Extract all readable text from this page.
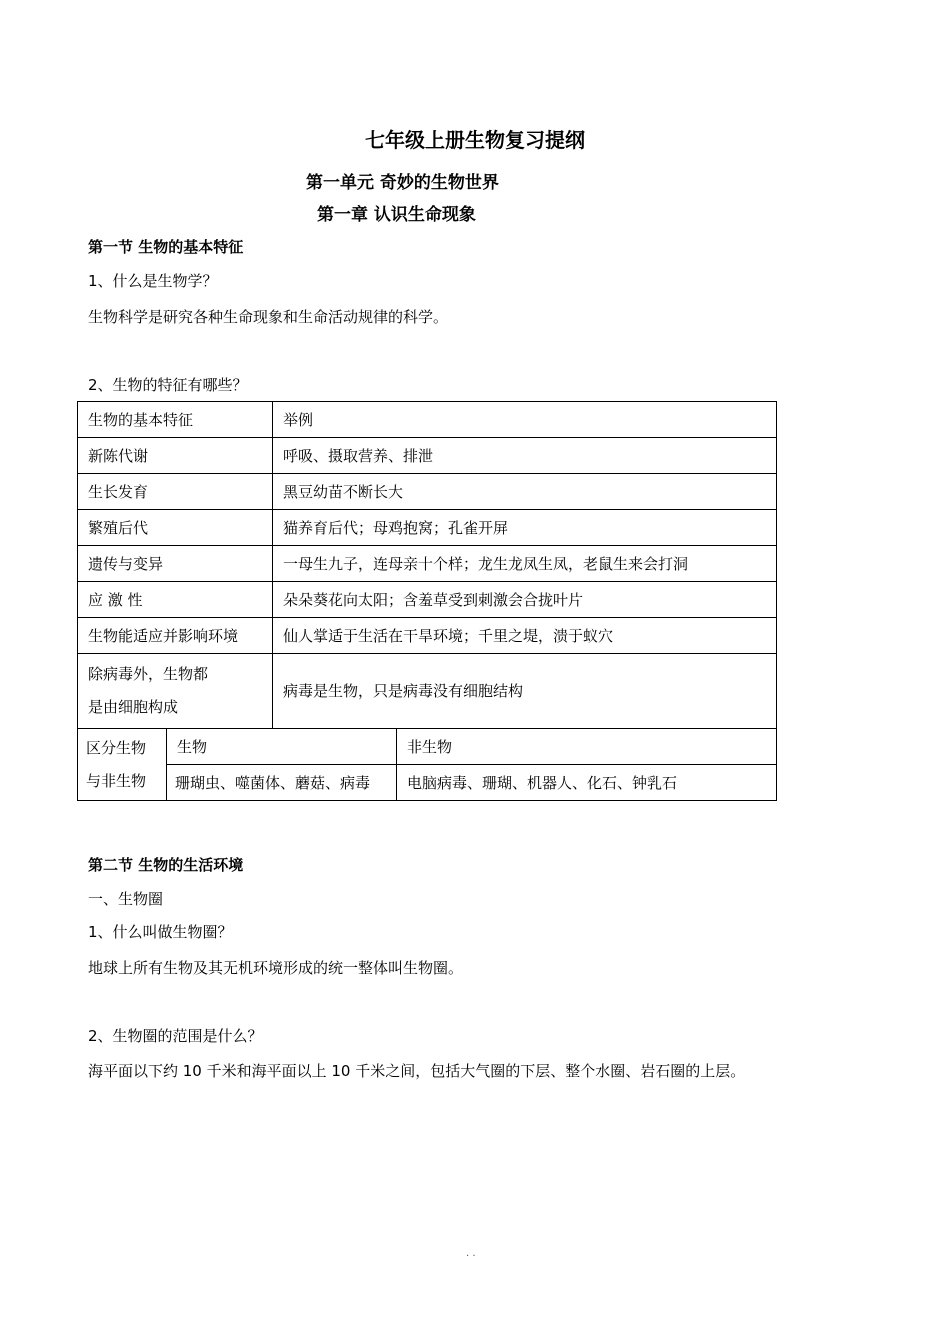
七年级上册生物复习提纲
第一单元 奇妙的生物世界
第一章 认识生命现象
第一节 生物的基本特征
1、什么是生物学？
生物科学是研究各种生命现象和生命活动规律的科学。
2、生物的特征有哪些？
生物的基本特征		举例	
新陈代谢		呼吸、摄取营养、排泄	
生长发育		黑豆幼苗不断长大	
繁殖后代		猫养育后代；母鸡抱窝；孔雀开屏	
遗传与变异		一母生九子，连母亲十个样；龙生龙凤生凤，老鼠生来会打洞	
应 激 性		朵朵葵花向太阳；含羞草受到刺激会合拢叶片	
生物能适应并影响环境		仙人掌适于生活在干旱环境；千里之堤，溃于蚁穴	

除病毒外，生物都
是由细胞构成		病毒是生物，只是病毒没有细胞结构	

区分生物
与非生物	生物		非生物
	珊瑚虫、噬菌体、蘑菇、病毒		电脑病毒、珊瑚、机器人、化石、钟乳石
第二节 生物的生活环境
一、生物圈
1、什么叫做生物圈？
地球上所有生物及其无机环境形成的统一整体叫生物圈。
2、生物圈的范围是什么？
海平面以下约 10 千米和海平面以上 10 千米之间，包括大气圈的下层、整个水圈、岩石圈的上层。
. .
